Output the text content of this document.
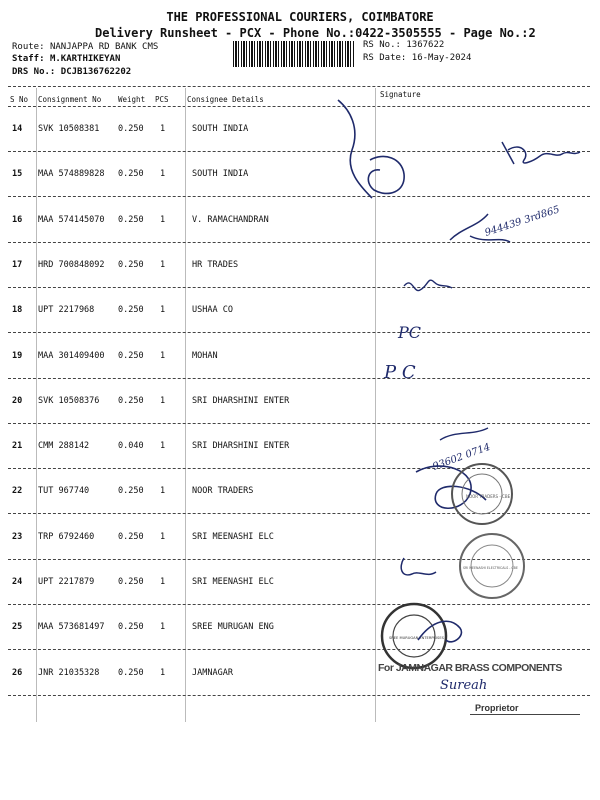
THE PROFESSIONAL COURIERS, COIMBATORE
Delivery Runsheet - PCX - Phone No.:0422-3505555 - Page No.:2
Route: NANJAPPA RD BANK CMS
Staff: M.KARTHIKEYAN
DRS No.: DCJB136762202
RS No.: 1367622
RS Date: 16-May-2024
S No Consignment No Weight PCS Consignee Details
Signature
14 SVK 10508381 0.250 1	SOUTH INDIA
15 MAA 574889828 0.250 1	SOUTH INDIA
16 MAA 574145070 0.250 1	V. RAMACHANDRAN
17 HRD 700848092 0.250 1	HR TRADES
18 UPT 2217968	0.250 1	USHAA CO
19 MAA 301409400 0.250 1	MOHAN
20 SVK 10508376 0.250 1	SRI DHARSHINI ENTER
21 CMM 288142	0.040 1	SRI DHARSHINI ENTER
22 TUT 967740	0.250 1	NOOR TRADERS
23 TRP 6792460	0.250 1	SRI MEENASHI ELC
24 UPT 2217879	0.250 1	SRI MEENASHI ELC
25 MAA 573681497 0.250 1	SREE MURUGAN ENG
26 JNR 21035328 0.250 1	JAMNAGAR
944439 3rd865
PC
P C
93602 0714
NOOR TRADERS - CBE
SRI MEENASHI ELECTRICALS - CBE
SREE MURUGAN ENTERPRISES
For JAMNAGAR BRASS COMPONENTS
Sureah
Proprietor
